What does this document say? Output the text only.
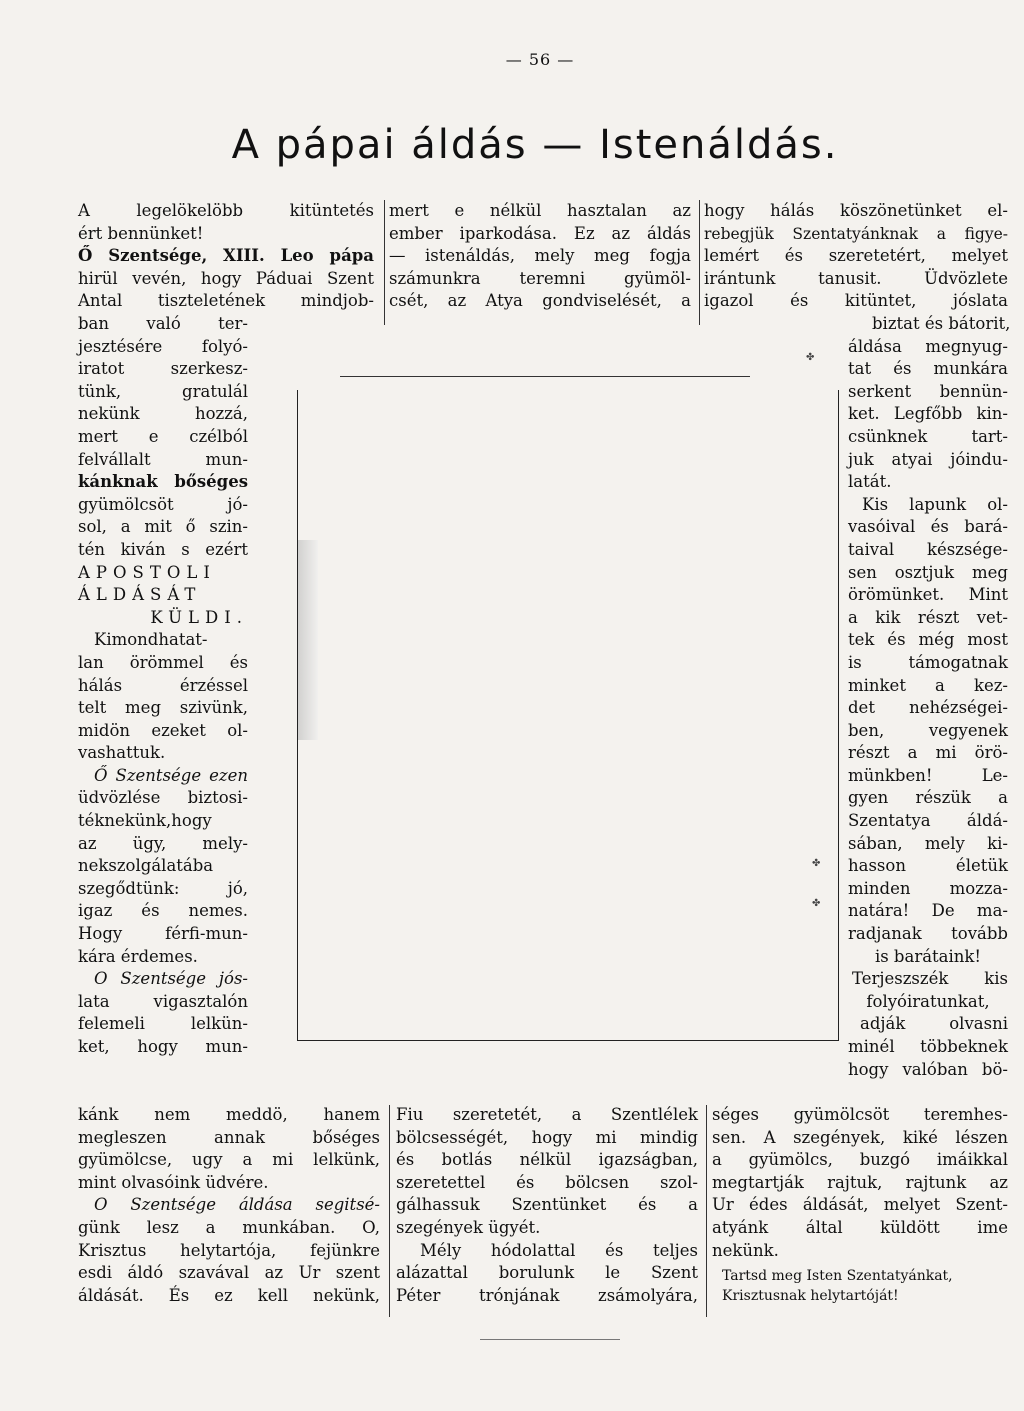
— 56 —
A pápai áldás — Istenáldás.
✤
✤
✤

A legelökelöbb kitüntetés

ért bennünket!

Ő Szentsége, XIII. Leo pápa

hirül vevén, hogy Páduai Szent

Antal tiszteletének mindjob-

ban való ter-

jesztésére folyó-

iratot szerkesz-

tünk, gratulál

nekünk hozzá,

mert e czélból

felvállalt mun-

kánknak bőséges

gyümölcsöt jó-

sol, a mit ő szin-

tén kiván s ezért

APOSTOLI

ÁLDÁSÁT

KÜLDI.

Kimondhatat-

lan örömmel és

hálás érzéssel

telt meg szivünk,

midön ezeket ol-

vashattuk.

Ő Szentsége ezen

üdvözlése biztosi-

téknekünk,hogy

az ügy, mely-

nekszolgálatába

szegődtünk: jó,

igaz és nemes.

Hogy férfi-mun-

kára érdemes.

O Szentsége jós-

lata vigasztalón

felemeli lelkün-

ket, hogy mun-

kánk nem meddö, hanem

megleszen annak bőséges

gyümölcse, ugy a mi lelkünk,

mint olvasóink üdvére.

O Szentsége áldása segitsé-

günk lesz a munkában. O,

Krisztus helytartója, fejünkre

esdi áldó szavával az Ur szent

áldását. És ez kell nekünk,

mert e nélkül hasztalan az

ember iparkodása. Ez az áldás

— istenáldás, mely meg fogja

számunkra teremni gyümöl-

csét, az Atya gondviselését, a

Fiu szeretetét, a Szentlélek

bölcsességét, hogy mi mindig

és botlás nélkül igazságban,

szeretettel és bölcsen szol-

gálhassuk Szentünket és a

szegények ügyét.

Mély hódolattal és teljes

alázattal borulunk le Szent

Péter trónjának zsámolyára,

hogy hálás köszönetünket el-

rebegjük Szentatyánknak a figye-

lemért és szeretetért, melyet

irántunk tanusit. Üdvözlete

igazol és kitüntet, jóslata

biztat és bátorit,

áldása megnyug-

tat és munkára

serkent bennün-

ket. Legfőbb kin-

csünknek tart-

juk atyai jóindu-

latát.

Kis lapunk ol-

vasóival és bará-

taival készsége-

sen osztjuk meg

örömünket. Mint

a kik részt vet-

tek és még most

is támogatnak

minket a kez-

det nehézségei-

ben, vegyenek

részt a mi örö-

münkben! Le-

gyen részük a

Szentatya áldá-

sában, mely ki-

hasson életük

minden mozza-

natára! De ma-

radjanak tovább

is barátaink!

Terjeszszék kis

folyóiratunkat,

adják olvasni

minél többeknek

hogy valóban bö-

séges gyümölcsöt teremhes-

sen. A szegények, kiké lészen

a gyümölcs, buzgó imáikkal

megtartják rajtuk, rajtunk az

Ur édes áldását, melyet Szent-

atyánk által küldött ime

nekünk.

Tartsd meg Isten Szentatyánkat,

Krisztusnak helytartóját!
